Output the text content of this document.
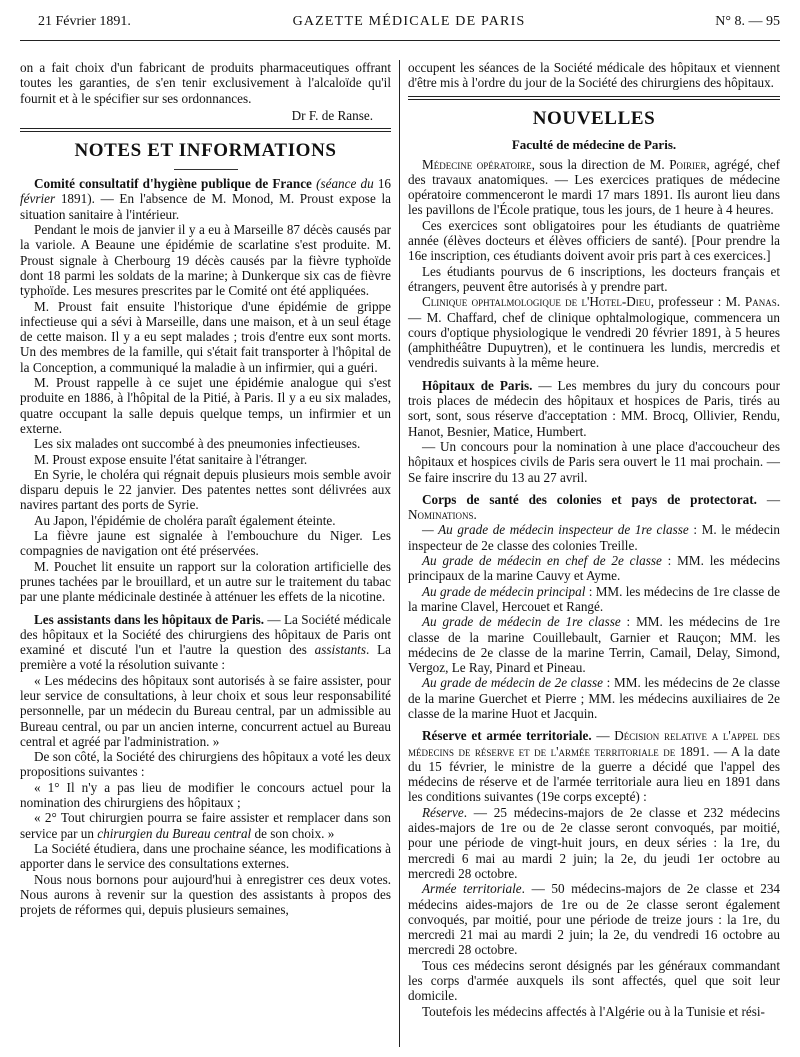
21 Février 1891.	GAZETTE MÉDICALE DE PARIS	N° 8. — 95

on a fait choix d'un fabricant de produits pharmaceutiques offrant toutes les garanties, de s'en tenir exclusivement à l'alcaloïde qu'il fournit et à le spécifier sur ses ordonnances.

Dr F. de Ranse.

NOTES ET INFORMATIONS

Comité consultatif d'hygiène publique de France (séance du 16 février 1891). — En l'absence de M. Monod, M. Proust expose la situation sanitaire à l'intérieur.

Pendant le mois de janvier il y a eu à Marseille 87 décès causés par la variole. A Beaune une épidémie de scarlatine s'est produite. M. Proust signale à Cherbourg 19 décès causés par la fièvre typhoïde dont 18 parmi les soldats de la marine; à Dunkerque six cas de fièvre typhoïde. Les mesures prescrites par le Comité ont été appliquées.

M. Proust fait ensuite l'historique d'une épidémie de grippe infectieuse qui a sévi à Marseille, dans une maison, et à un seul étage de cette maison. Il y a eu sept malades ; trois d'entre eux sont morts. Un des membres de la famille, qui s'était fait transporter à l'hôpital de la Conception, a communiqué la maladie à un infirmier, qui a guéri.

M. Proust rappelle à ce sujet une épidémie analogue qui s'est produite en 1886, à l'hôpital de la Pitié, à Paris. Il y a eu six malades, quatre occupant la salle depuis quelque temps, un infirmier et un externe.

Les six malades ont succombé à des pneumonies infectieuses.

M. Proust expose ensuite l'état sanitaire à l'étranger.

En Syrie, le choléra qui régnait depuis plusieurs mois semble avoir disparu depuis le 22 janvier. Des patentes nettes sont délivrées aux navires partant des ports de Syrie.

Au Japon, l'épidémie de choléra paraît également éteinte.

La fièvre jaune est signalée à l'embouchure du Niger. Les compagnies de navigation ont été préservées.

M. Pouchet lit ensuite un rapport sur la coloration artificielle des prunes tachées par le brouillard, et un autre sur le traitement du tabac par une plante médicinale destinée à atténuer les effets de la nicotine.

Les assistants dans les hôpitaux de Paris. — La Société médicale des hôpitaux et la Société des chirurgiens des hôpitaux de Paris ont examiné et discuté l'un et l'autre la question des assistants. La première a voté la résolution suivante :

« Les médecins des hôpitaux sont autorisés à se faire assister, pour leur service de consultations, à leur choix et sous leur responsabilité personnelle, par un médecin du Bureau central, par un admissible au Bureau central, ou par un ancien interne, concurrent actuel au Bureau central et agréé par l'administration. »

De son côté, la Société des chirurgiens des hôpitaux a voté les deux propositions suivantes :

« 1° Il n'y a pas lieu de modifier le concours actuel pour la nomination des chirurgiens des hôpitaux ;

« 2° Tout chirurgien pourra se faire assister et remplacer dans son service par un chirurgien du Bureau central de son choix. »

La Société étudiera, dans une prochaine séance, les modifications à apporter dans le service des consultations externes.

Nous nous bornons pour aujourd'hui à enregistrer ces deux votes. Nous aurons à revenir sur la question des assistants à propos des projets de réformes qui, depuis plusieurs semaines,

occupent les séances de la Société médicale des hôpitaux et viennent d'être mis à l'ordre du jour de la Société des chirurgiens des hôpitaux.

NOUVELLES
Faculté de médecine de Paris.

Médecine opératoire, sous la direction de M. Poirier, agrégé, chef des travaux anatomiques. — Les exercices pratiques de médecine opératoire commenceront le mardi 17 mars 1891. Ils auront lieu dans les pavillons de l'École pratique, tous les jours, de 1 heure à 4 heures.

Ces exercices sont obligatoires pour les étudiants de quatrième année (élèves docteurs et élèves officiers de santé). [Pour prendre la 16e inscription, ces étudiants doivent avoir pris part à ces exercices.]

Les étudiants pourvus de 6 inscriptions, les docteurs français et étrangers, peuvent être autorisés à y prendre part.

Clinique ophtalmologique de l'Hotel-Dieu, professeur : M. Panas. — M. Chaffard, chef de clinique ophtalmologique, commencera un cours d'optique physiologique le vendredi 20 février 1891, à 5 heures (amphithéâtre Dupuytren), et le continuera les lundis, mercredis et vendredis suivants à la même heure.

Hôpitaux de Paris. — Les membres du jury du concours pour trois places de médecin des hôpitaux et hospices de Paris, tirés au sort, sont, sous réserve d'acceptation : MM. Brocq, Ollivier, Rendu, Hanot, Besnier, Matice, Humbert.

— Un concours pour la nomination à une place d'accoucheur des hôpitaux et hospices civils de Paris sera ouvert le 11 mai prochain. — Se faire inscrire du 13 au 27 avril.

Corps de santé des colonies et pays de protectorat. — Nominations.

— Au grade de médecin inspecteur de 1re classe : M. le médecin inspecteur de 2e classe des colonies Treille.

Au grade de médecin en chef de 2e classe : MM. les médecins principaux de la marine Cauvy et Ayme.

Au grade de médecin principal : MM. les médecins de 1re classe de la marine Clavel, Hercouet et Rangé.

Au grade de médecin de 1re classe : MM. les médecins de 1re classe de la marine Couillebault, Garnier et Rauçon; MM. les médecins de 2e classe de la marine Terrin, Camail, Delay, Simond, Vergoz, Le Ray, Pinard et Pineau.

Au grade de médecin de 2e classe : MM. les médecins de 2e classe de la marine Guerchet et Pierre ; MM. les médecins auxiliaires de 2e classe de la marine Huot et Jacquin.

Réserve et armée territoriale. — Décision relative a l'appel des médecins de réserve et de l'armée territoriale de 1891. — A la date du 15 février, le ministre de la guerre a décidé que l'appel des médecins de réserve et de l'armée territoriale aura lieu en 1891 dans les conditions suivantes (19e corps excepté) :

Réserve. — 25 médecins-majors de 2e classe et 232 médecins aides-majors de 1re ou de 2e classe seront convoqués, par moitié, pour une période de vingt-huit jours, en deux séries : la 1re, du mercredi 6 mai au mardi 2 juin; la 2e, du jeudi 1er octobre au mercredi 28 octobre.

Armée territoriale. — 50 médecins-majors de 2e classe et 234 médecins aides-majors de 1re ou de 2e classe seront également convoqués, par moitié, pour une période de treize jours : la 1re, du mercredi 21 mai au mardi 2 juin; la 2e, du vendredi 16 octobre au mercredi 28 octobre.

Tous ces médecins seront désignés par les généraux commandant les corps d'armée auxquels ils sont affectés, quel que soit leur domicile.

Toutefois les médecins affectés à l'Algérie ou à la Tunisie et rési-
